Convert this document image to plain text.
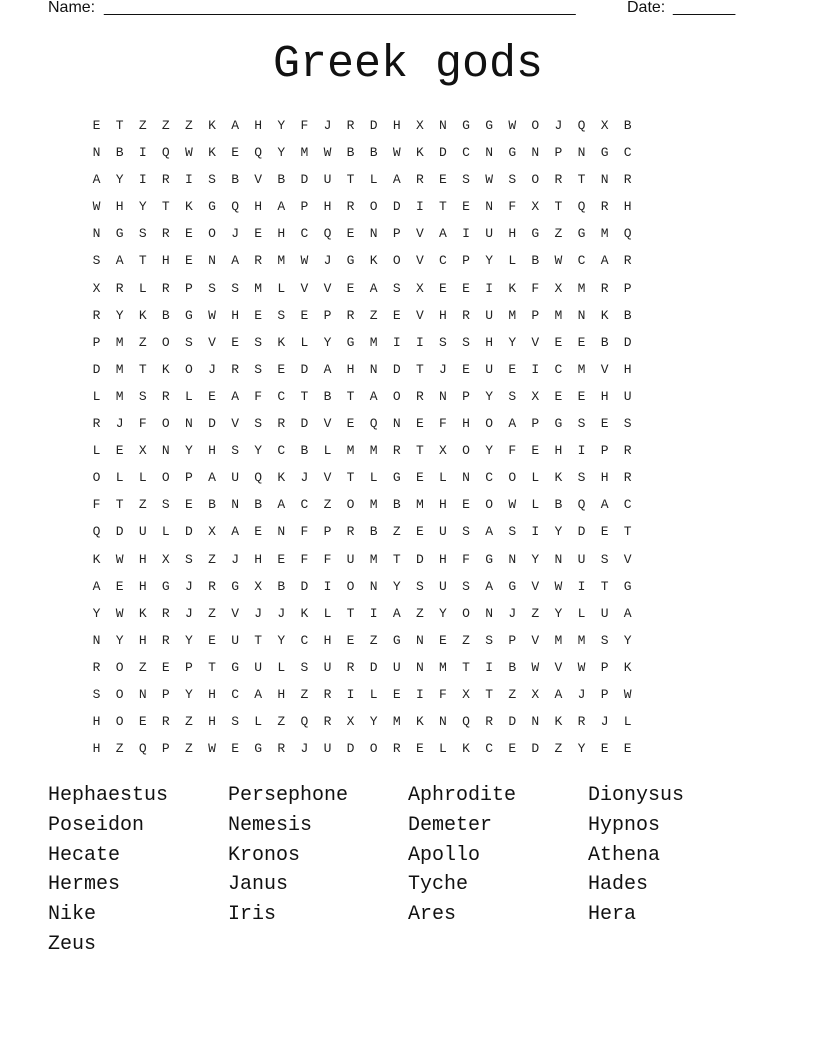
Name:

_____________________________________________________

	Date:

_______

Greek gods
E	T	Z	Z	Z	K	A	H	Y	F	J	R	D	H	X	N	G	G	W	O	J	Q	X	B
N	B	I	Q	W	K	E	Q	Y	M	W	B	B	W	K	D	C	N	G	N	P	N	G	C
A	Y	I	R	I	S	B	V	B	D	U	T	L	A	R	E	S	W	S	O	R	T	N	R
W	H	Y	T	K	G	Q	H	A	P	H	R	O	D	I	T	E	N	F	X	T	Q	R	H
N	G	S	R	E	O	J	E	H	C	Q	E	N	P	V	A	I	U	H	G	Z	G	M	Q
S	A	T	H	E	N	A	R	M	W	J	G	K	O	V	C	P	Y	L	B	W	C	A	R
X	R	L	R	P	S	S	M	L	V	V	E	A	S	X	E	E	I	K	F	X	M	R	P
R	Y	K	B	G	W	H	E	S	E	P	R	Z	E	V	H	R	U	M	P	M	N	K	B
P	M	Z	O	S	V	E	S	K	L	Y	G	M	I	I	S	S	H	Y	V	E	E	B	D
D	M	T	K	O	J	R	S	E	D	A	H	N	D	T	J	E	U	E	I	C	M	V	H
L	M	S	R	L	E	A	F	C	T	B	T	A	O	R	N	P	Y	S	X	E	E	H	U
R	J	F	O	N	D	V	S	R	D	V	E	Q	N	E	F	H	O	A	P	G	S	E	S
L	E	X	N	Y	H	S	Y	C	B	L	M	M	R	T	X	O	Y	F	E	H	I	P	R
O	L	L	O	P	A	U	Q	K	J	V	T	L	G	E	L	N	C	O	L	K	S	H	R
F	T	Z	S	E	B	N	B	A	C	Z	O	M	B	M	H	E	O	W	L	B	Q	A	C
Q	D	U	L	D	X	A	E	N	F	P	R	B	Z	E	U	S	A	S	I	Y	D	E	T
K	W	H	X	S	Z	J	H	E	F	F	U	M	T	D	H	F	G	N	Y	N	U	S	V
A	E	H	G	J	R	G	X	B	D	I	O	N	Y	S	U	S	A	G	V	W	I	T	G
Y	W	K	R	J	Z	V	J	J	K	L	T	I	A	Z	Y	O	N	J	Z	Y	L	U	A
N	Y	H	R	Y	E	U	T	Y	C	H	E	Z	G	N	E	Z	S	P	V	M	M	S	Y
R	O	Z	E	P	T	G	U	L	S	U	R	D	U	N	M	T	I	B	W	V	W	P	K
S	O	N	P	Y	H	C	A	H	Z	R	I	L	E	I	F	X	T	Z	X	A	J	P	W
H	O	E	R	Z	H	S	L	Z	Q	R	X	Y	M	K	N	Q	R	D	N	K	R	J	L
H	Z	Q	P	Z	W	E	G	R	J	U	D	O	R	E	L	K	C	E	D	Z	Y	E	E
Hephaestus	Persephone	Aphrodite	Dionysus
Poseidon	Nemesis	Demeter	Hypnos
Hecate	Kronos	Apollo	Athena
Hermes	Janus	Tyche	Hades
Nike	Iris	Ares	Hera
Zeus
